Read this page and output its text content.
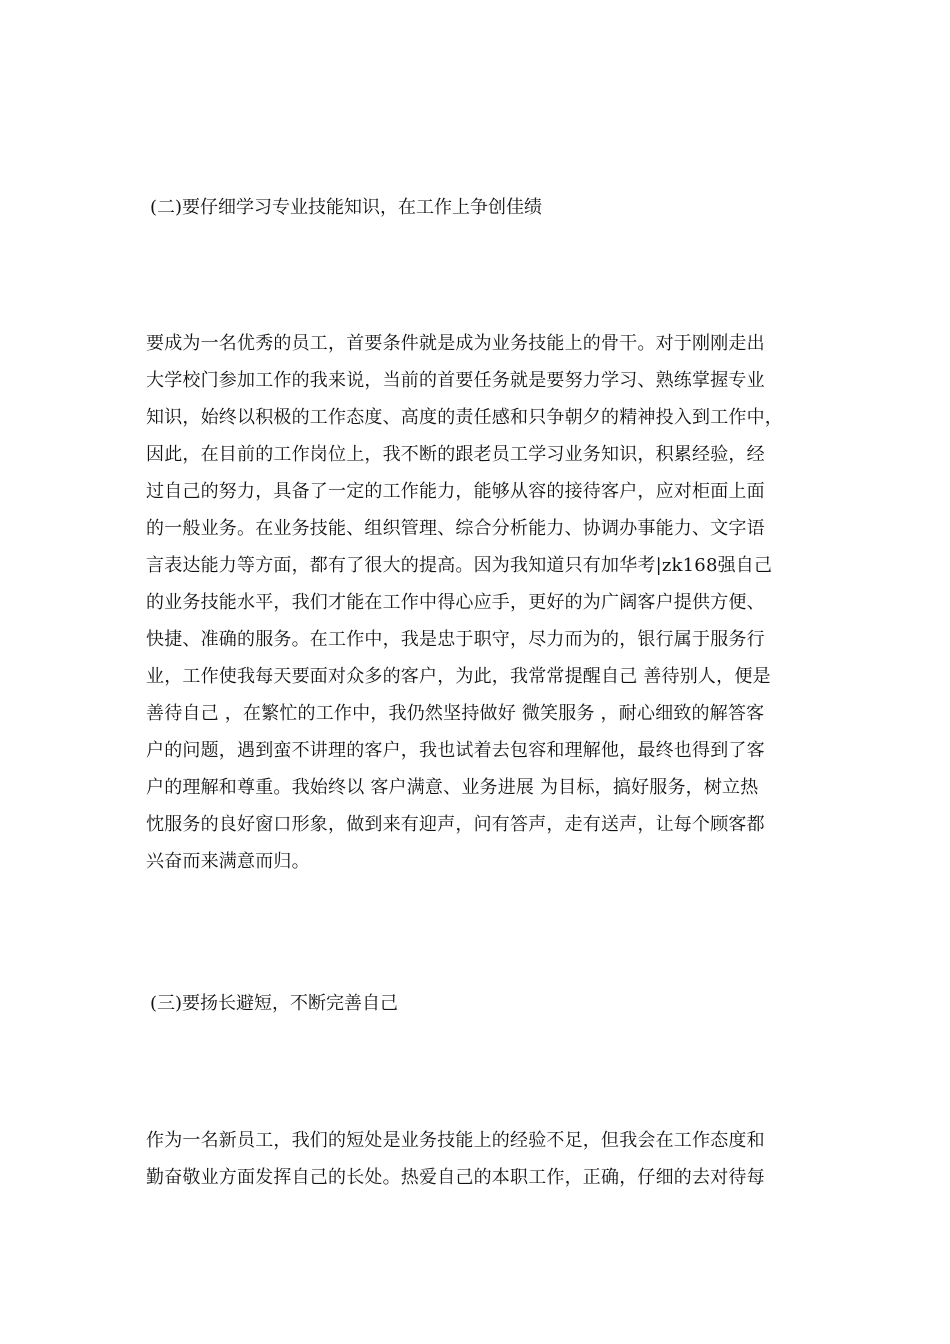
(二)要仔细学习专业技能知识，在工作上争创佳绩
要成为一名优秀的员工，首要条件就是成为业务技能上的骨干。对于刚刚走出
大学校门参加工作的我来说，当前的首要任务就是要努力学习、熟练掌握专业
知识，始终以积极的工作态度、高度的责任感和只争朝夕的精神投入到工作中，
因此，在目前的工作岗位上，我不断的跟老员工学习业务知识，积累经验，经
过自己的努力，具备了一定的工作能力，能够从容的接待客户，应对柜面上面
的一般业务。在业务技能、组织管理、综合分析能力、协调办事能力、文字语
言表达能力等方面，都有了很大的提高。因为我知道只有加华考|zk168强自己
的业务技能水平，我们才能在工作中得心应手，更好的为广阔客户提供方便、
快捷、准确的服务。在工作中，我是忠于职守，尽力而为的，银行属于服务行
业，工作使我每天要面对众多的客户，为此，我常常提醒自己 善待别人，便是
善待自己 ，在繁忙的工作中，我仍然坚持做好 微笑服务 ，耐心细致的解答客
户的问题，遇到蛮不讲理的客户，我也试着去包容和理解他，最终也得到了客
户的理解和尊重。我始终以 客户满意、业务进展 为目标，搞好服务，树立热
忱服务的良好窗口形象，做到来有迎声，问有答声，走有送声，让每个顾客都
兴奋而来满意而归。
(三)要扬长避短，不断完善自己
作为一名新员工，我们的短处是业务技能上的经验不足，但我会在工作态度和
勤奋敬业方面发挥自己的长处。热爱自己的本职工作，正确，仔细的去对待每
